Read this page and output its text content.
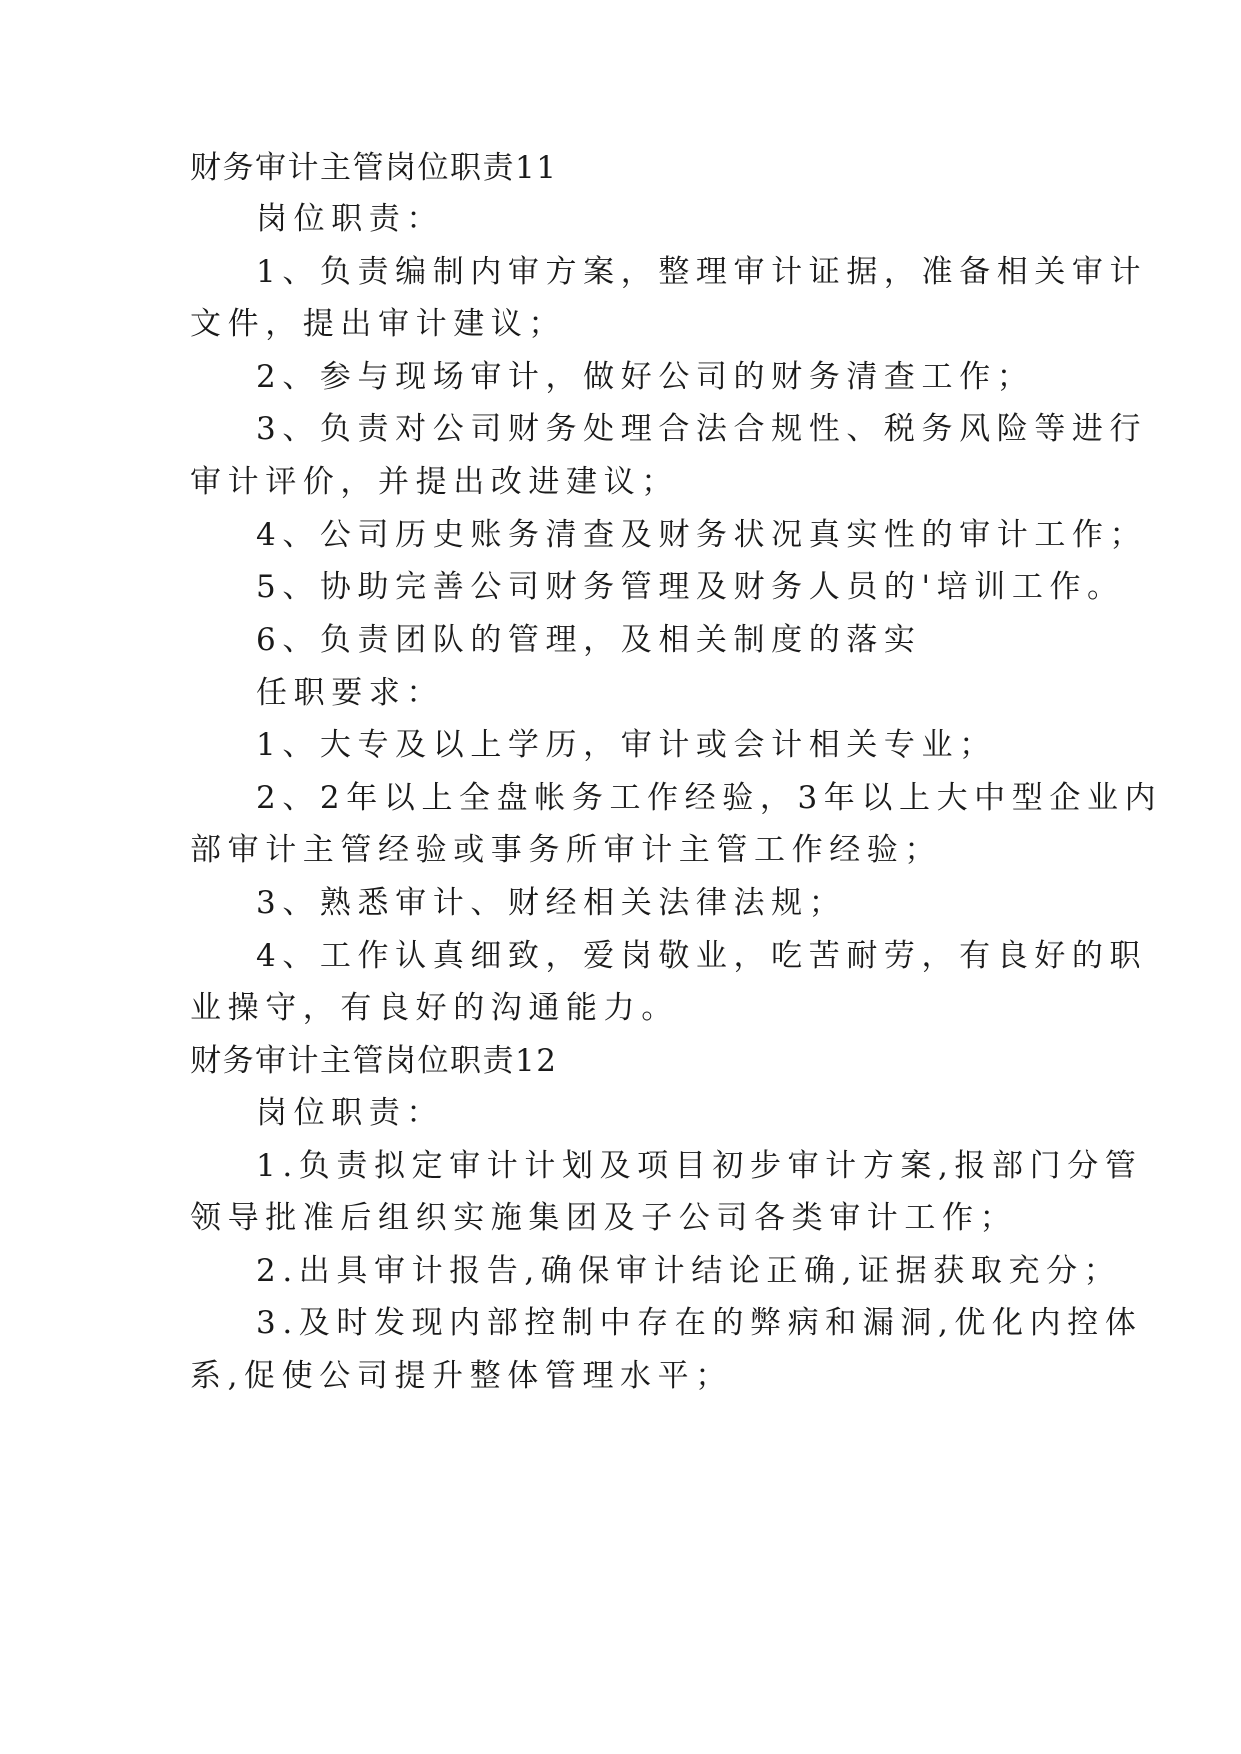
财务审计主管岗位职责11
岗位职责：
1、负责编制内审方案，整理审计证据，准备相关审计
文件，提出审计建议；
2、参与现场审计，做好公司的财务清查工作；
3、负责对公司财务处理合法合规性、税务风险等进行
审计评价，并提出改进建议；
4、公司历史账务清查及财务状况真实性的审计工作；
5、协助完善公司财务管理及财务人员的'培训工作。
6、负责团队的管理，及相关制度的落实
任职要求：
1、大专及以上学历，审计或会计相关专业；
2、2年以上全盘帐务工作经验，3年以上大中型企业内
部审计主管经验或事务所审计主管工作经验；
3、熟悉审计、财经相关法律法规；
4、工作认真细致，爱岗敬业，吃苦耐劳，有良好的职
业操守，有良好的沟通能力。
财务审计主管岗位职责12
岗位职责：
1.负责拟定审计计划及项目初步审计方案,报部门分管
领导批准后组织实施集团及子公司各类审计工作；
2.出具审计报告,确保审计结论正确,证据获取充分；
3.及时发现内部控制中存在的弊病和漏洞,优化内控体
系,促使公司提升整体管理水平；
